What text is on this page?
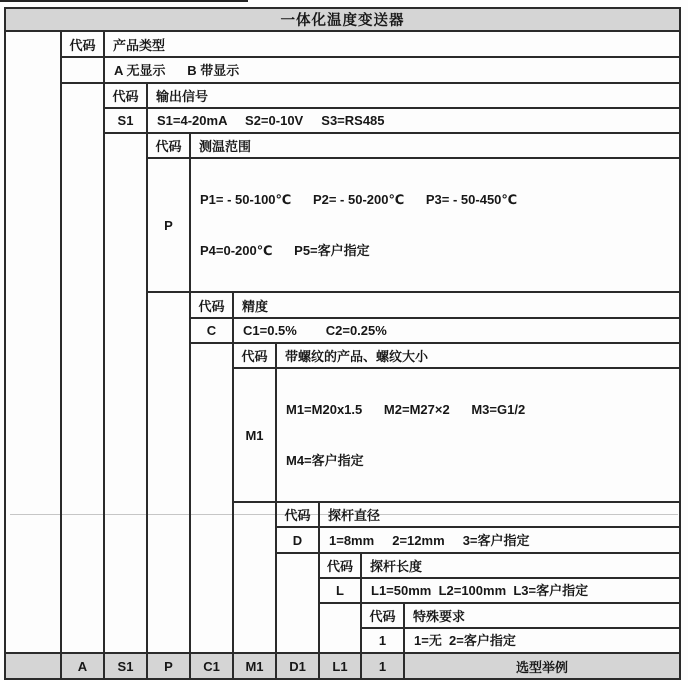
一体化温度变送器									
	代码	产品类型							

		A 无显示      B 带显示							

		代码	输出信号						
		S1	S1=4-20mA     S2=0-10V     S3=RS485						

			代码	测温范围					
			P	P1= - 50-100℃      P2= - 50-200℃      P3= - 50-450℃

P4=0-200℃      P5=客户指定					

				代码	精度				
				C	C1=0.5%        C2=0.25%				

					代码	带螺纹的产品、螺纹大小			
					M1	M1=M20x1.5      M2=M27×2      M3=G1/2

M4=客户指定			

						代码	探杆直径		
						D	1=8mm     2=12mm     3=客户指定		

							代码	探杆长度	
							L	L1=50mm  L2=100mm  L3=客户指定	

								代码	特殊要求
								1	1=无  2=客户指定

	A	S1	P	C1	M1	D1	L1	1	选型举例
